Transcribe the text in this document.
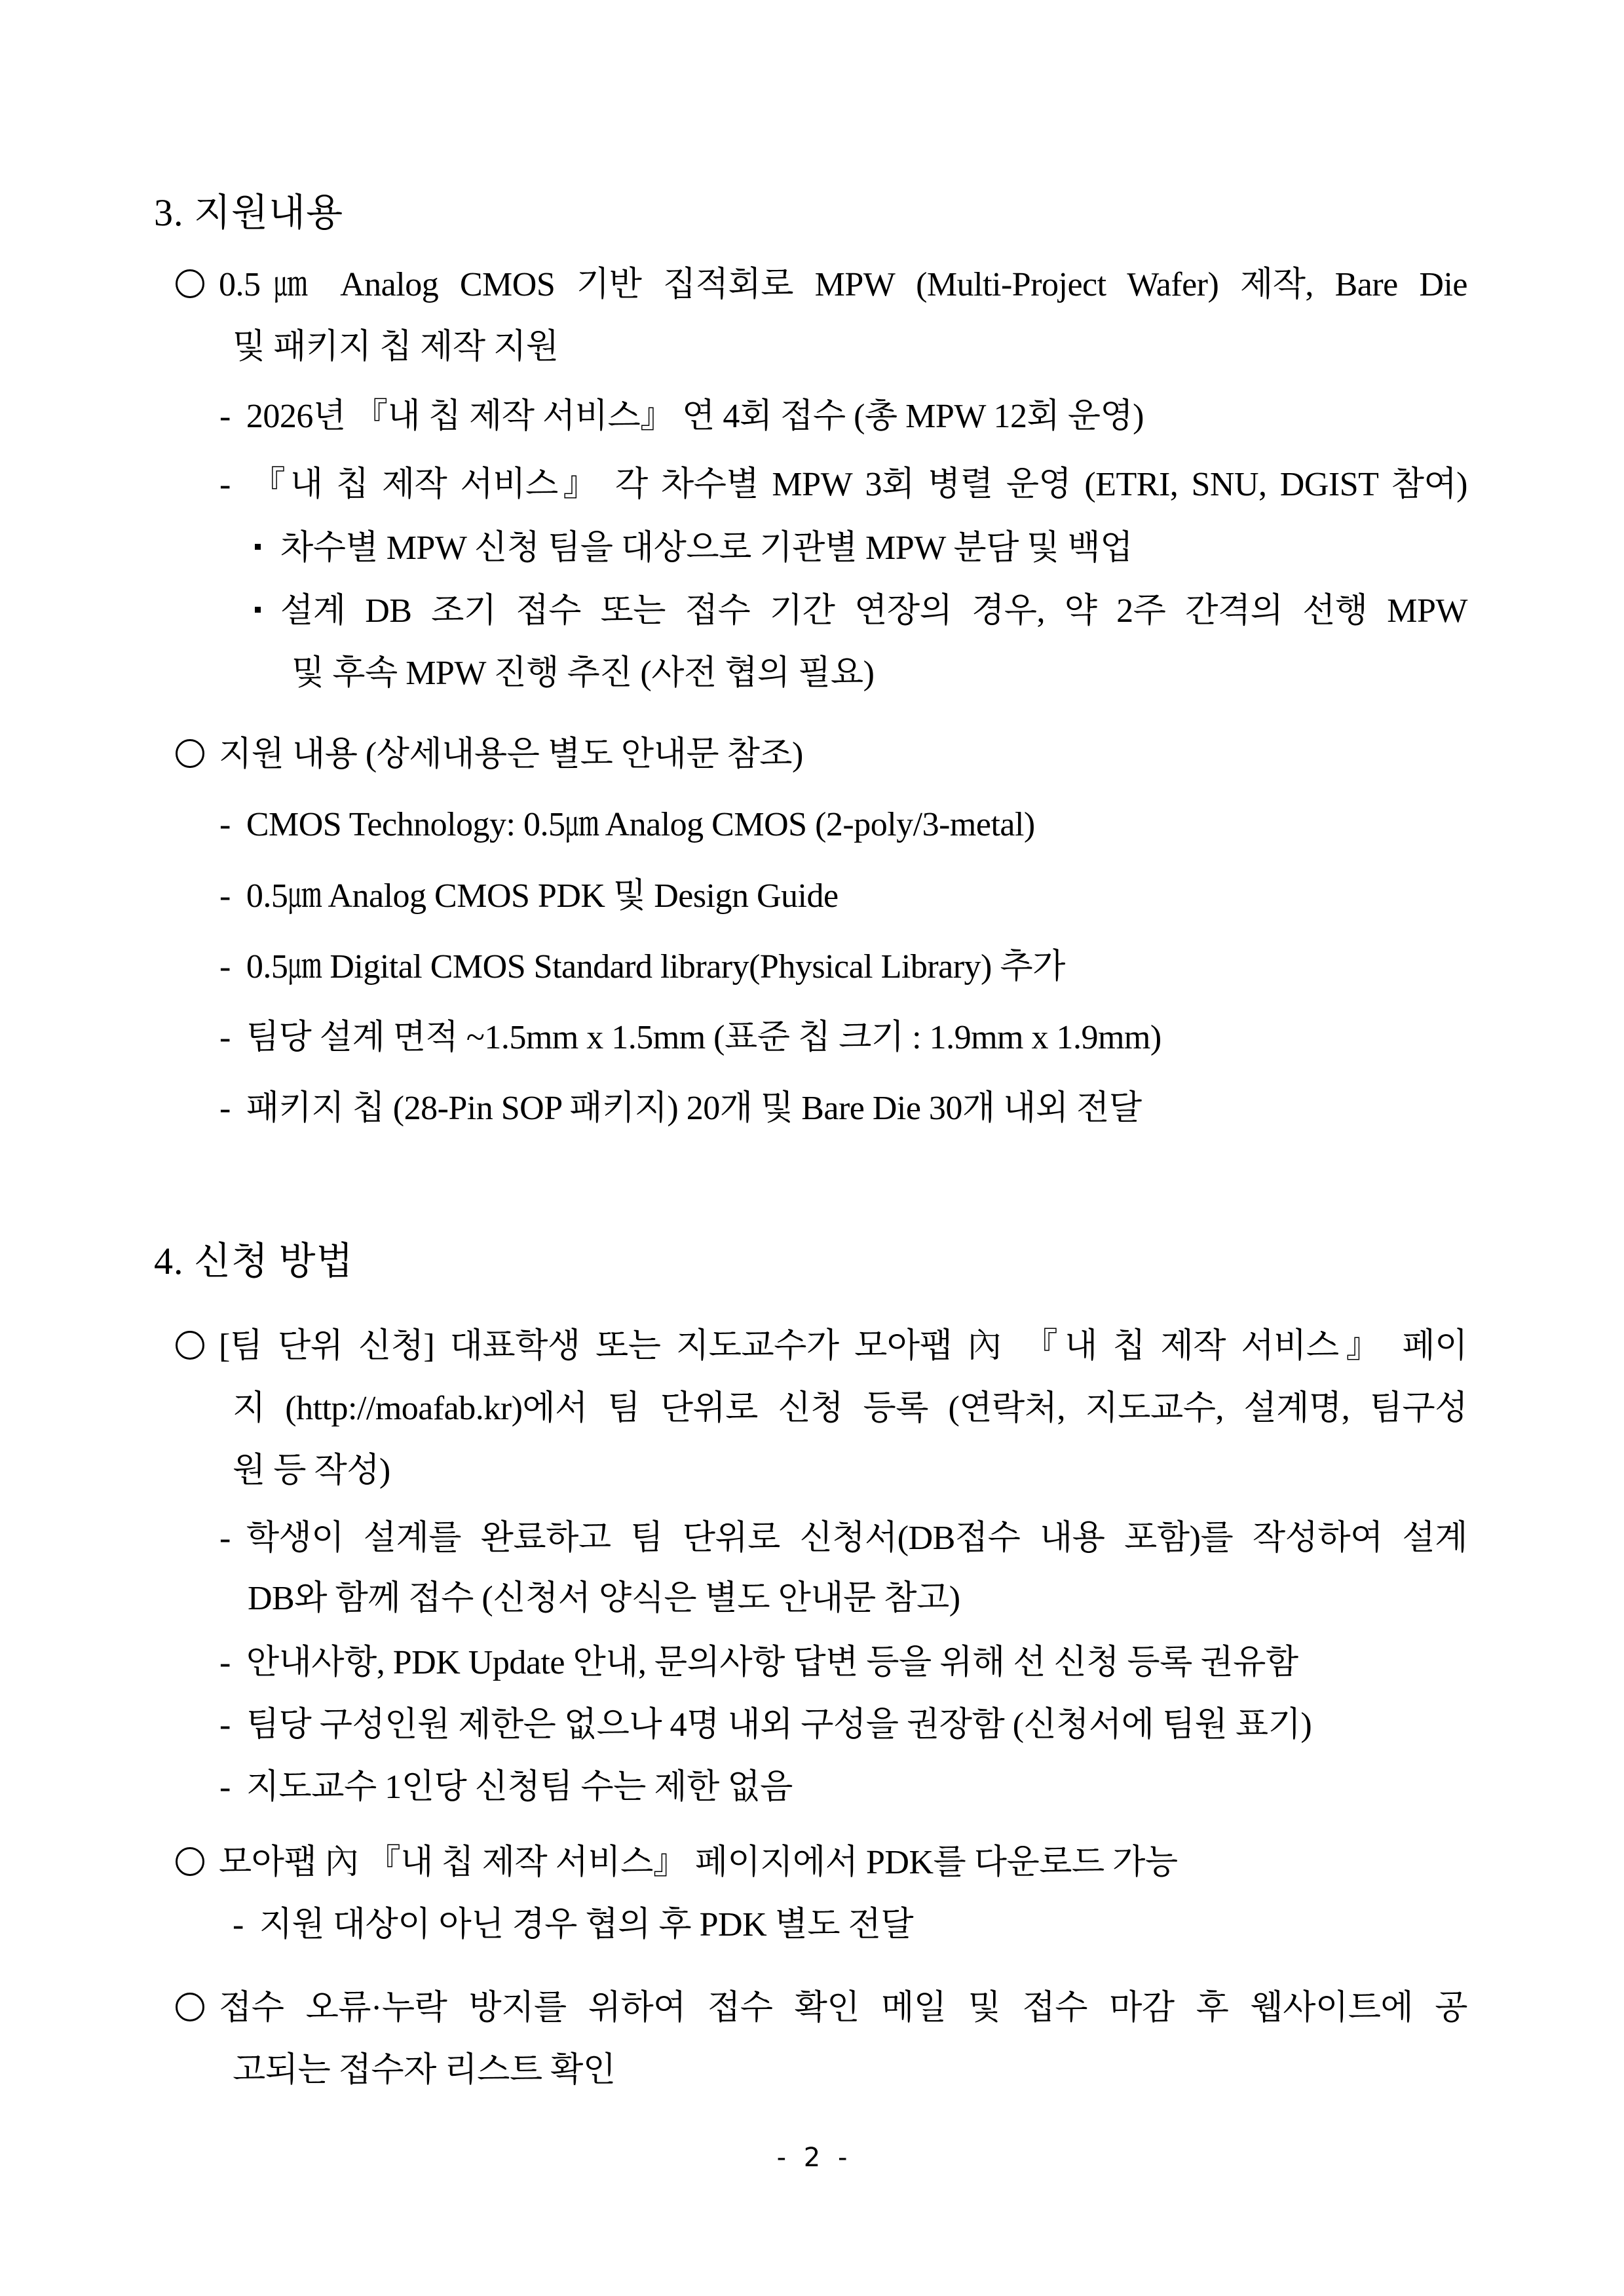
3. 지원내용
0.5㎛ Analog CMOS 기반 집적회로 MPW (Multi-Project Wafer) 제작, Bare Die
및 패키지 칩 제작 지원
- 2026년 『내 칩 제작 서비스』 연 4회 접수 (총 MPW 12회 운영)
- 『내 칩 제작 서비스』 각 차수별 MPW 3회 병렬 운영 (ETRI, SNU, DGIST 참여)
차수별 MPW 신청 팀을 대상으로 기관별 MPW 분담 및 백업
설계 DB 조기 접수 또는 접수 기간 연장의 경우, 약 2주 간격의 선행 MPW
및 후속 MPW 진행 추진 (사전 협의 필요)
지원 내용 (상세내용은 별도 안내문 참조)
- CMOS Technology: 0.5㎛ Analog CMOS (2-poly/3-metal)
- 0.5㎛ Analog CMOS PDK 및 Design Guide
- 0.5㎛ Digital CMOS Standard library(Physical Library) 추가
- 팀당 설계 면적 ~1.5mm x 1.5mm (표준 칩 크기 : 1.9mm x 1.9mm)
- 패키지 칩 (28-Pin SOP 패키지) 20개 및 Bare Die 30개 내외 전달
4. 신청 방법
[팀 단위 신청] 대표학생 또는 지도교수가 모아팹 內 『내 칩 제작 서비스』 페이
지 (http://moafab.kr)에서 팀 단위로 신청 등록 (연락처, 지도교수, 설계명, 팀구성
원 등 작성)
- 학생이 설계를 완료하고 팀 단위로 신청서(DB접수 내용 포함)를 작성하여 설계
DB와 함께 접수 (신청서 양식은 별도 안내문 참고)
- 안내사항, PDK Update 안내, 문의사항 답변 등을 위해 선 신청 등록 권유함
- 팀당 구성인원 제한은 없으나 4명 내외 구성을 권장함 (신청서에 팀원 표기)
- 지도교수 1인당 신청팀 수는 제한 없음
모아팹 內 『내 칩 제작 서비스』 페이지에서 PDK를 다운로드 가능
- 지원 대상이 아닌 경우 협의 후 PDK 별도 전달
접수 오류·누락 방지를 위하여 접수 확인 메일 및 접수 마감 후 웹사이트에 공
고되는 접수자 리스트 확인
- 2 -
